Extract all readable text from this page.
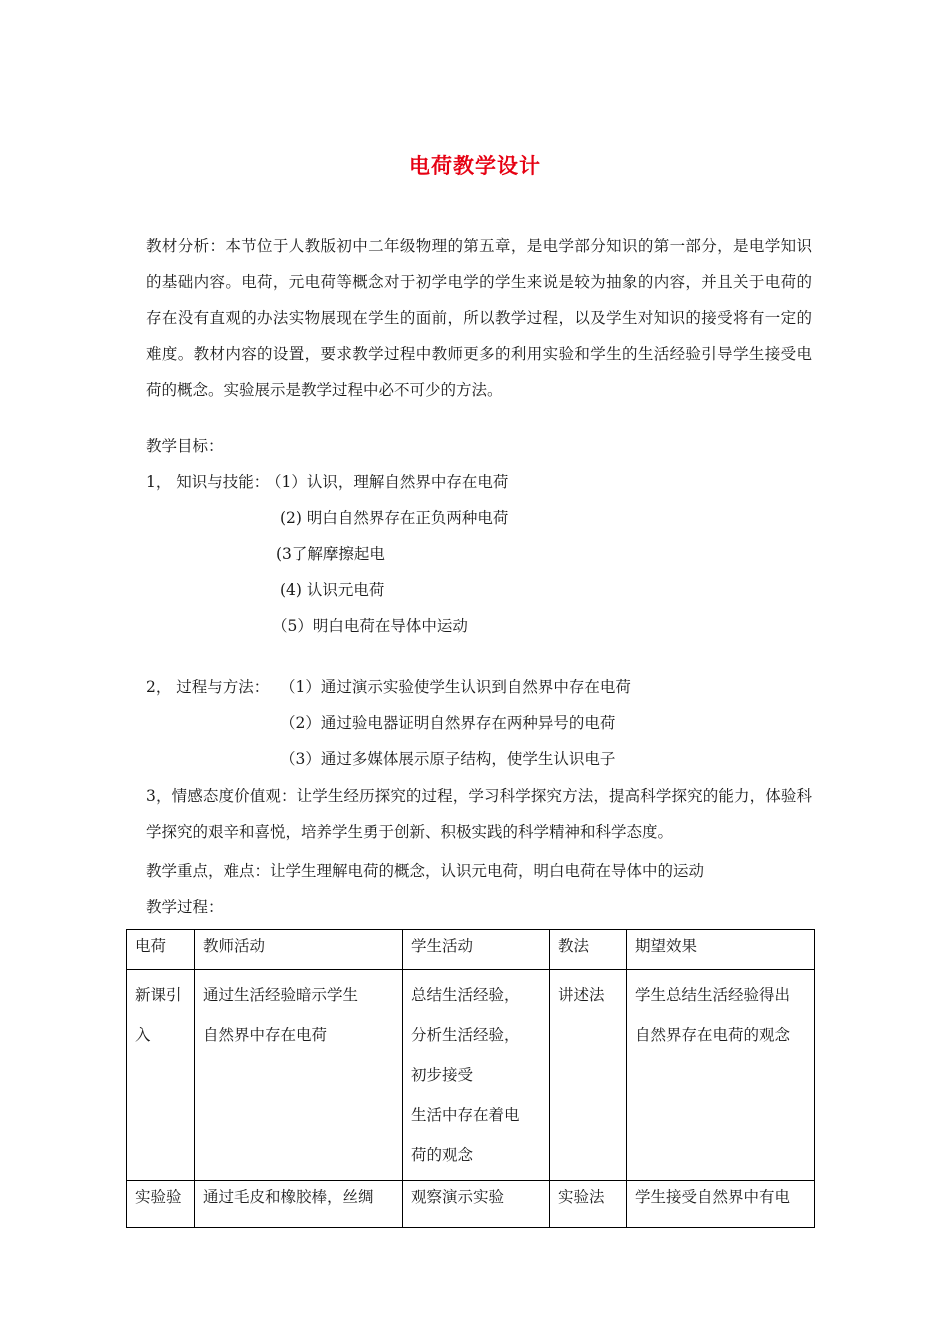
电荷教学设计
教材分析：本节位于人教版初中二年级物理的第五章，是电学部分知识的第一部分，是电学知识的基础内容。电荷，元电荷等概念对于初学电学的学生来说是较为抽象的内容，并且关于电荷的存在没有直观的办法实物展现在学生的面前，所以教学过程，以及学生对知识的接受将有一定的难度。教材内容的设置，要求教学过程中教师更多的利用实验和学生的生活经验引导学生接受电荷的概念。实验展示是教学过程中必不可少的方法。
教学目标：
1， 知识与技能：
（1）认识，理解自然界中存在电荷
(2) 明白自然界存在正负两种电荷
(3了解摩擦起电
(4) 认识元电荷
（5）明白电荷在导体中运动
2， 过程与方法： （1）通过演示实验使学生认识到自然界中存在电荷
（2）通过验电器证明自然界存在两种异号的电荷
（3）通过多媒体展示原子结构，使学生认识电子
3，情感态度价值观：让学生经历探究的过程，学习科学探究方法，提高科学探究的能力，体验科学探究的艰辛和喜悦，培养学生勇于创新、积极实践的科学精神和科学态度。
教学重点，难点：让学生理解电荷的概念，认识元电荷，明白电荷在导体中的运动
教学过程：
电荷	教师活动	学生活动	教法	期望效果

新课引
入	通过生活经验暗示学生
自然界中存在电荷	总结生活经验，
分析生活经验，
初步接受
生活中存在着电
荷的观念	讲述法	学生总结生活经验得出
自然界存在电荷的观念

实验验	通过毛皮和橡胶棒，丝绸	观察演示实验	实验法	学生接受自然界中有电
